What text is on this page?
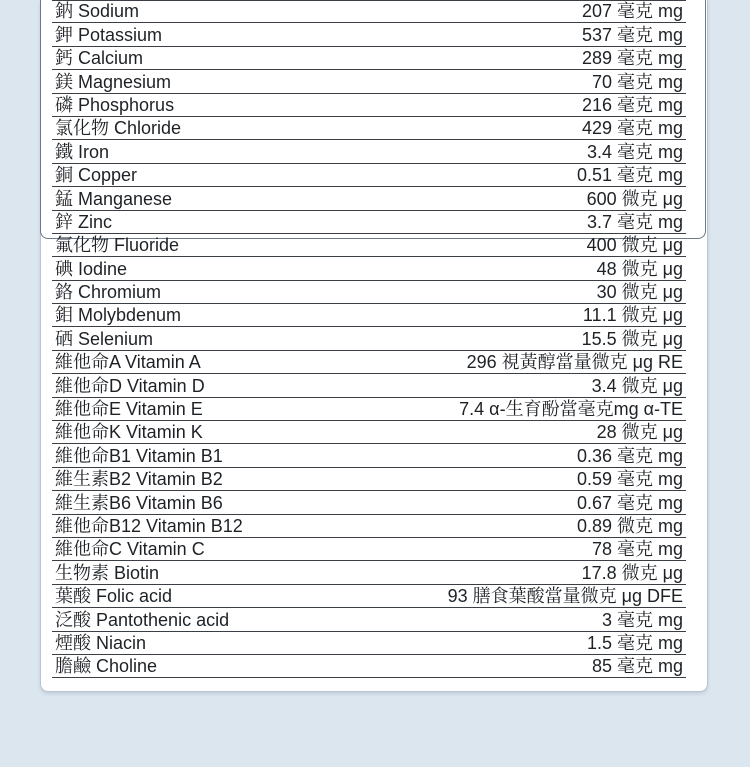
鈉 Sodium	207 毫克 mg
鉀 Potassium	537 毫克 mg
鈣 Calcium	289 毫克 mg
鎂 Magnesium	70 毫克 mg
磷 Phosphorus	216 毫克 mg
氯化物 Chloride	429 毫克 mg
鐵 Iron	3.4 毫克 mg
銅 Copper	0.51 毫克 mg
錳 Manganese	600 微克 μg
鋅 Zinc	3.7 毫克 mg
氟化物 Fluoride	400 微克 μg
碘 Iodine	48 微克 μg
鉻 Chromium	30 微克 μg
鉬 Molybdenum	11.1 微克 μg
硒 Selenium	15.5 微克 μg
維他命A Vitamin A	296 視黃醇當量微克 μg RE
維他命D Vitamin D	3.4 微克 μg
維他命E Vitamin E	7.4 α-生育酚當毫克mg α-TE
維他命K Vitamin K	28 微克 μg
維他命B1 Vitamin B1	0.36 毫克 mg
維生素B2 Vitamin B2	0.59 毫克 mg
維生素B6 Vitamin B6	0.67 毫克 mg
維他命B12 Vitamin B12	0.89 微克 mg
維他命C Vitamin C	78 毫克 mg
生物素 Biotin	17.8 微克 μg
葉酸 Folic acid	93 膳食葉酸當量微克 μg DFE
泛酸 Pantothenic acid	3 毫克 mg
煙酸 Niacin	1.5 毫克 mg
膽鹼 Choline	85 毫克 mg
